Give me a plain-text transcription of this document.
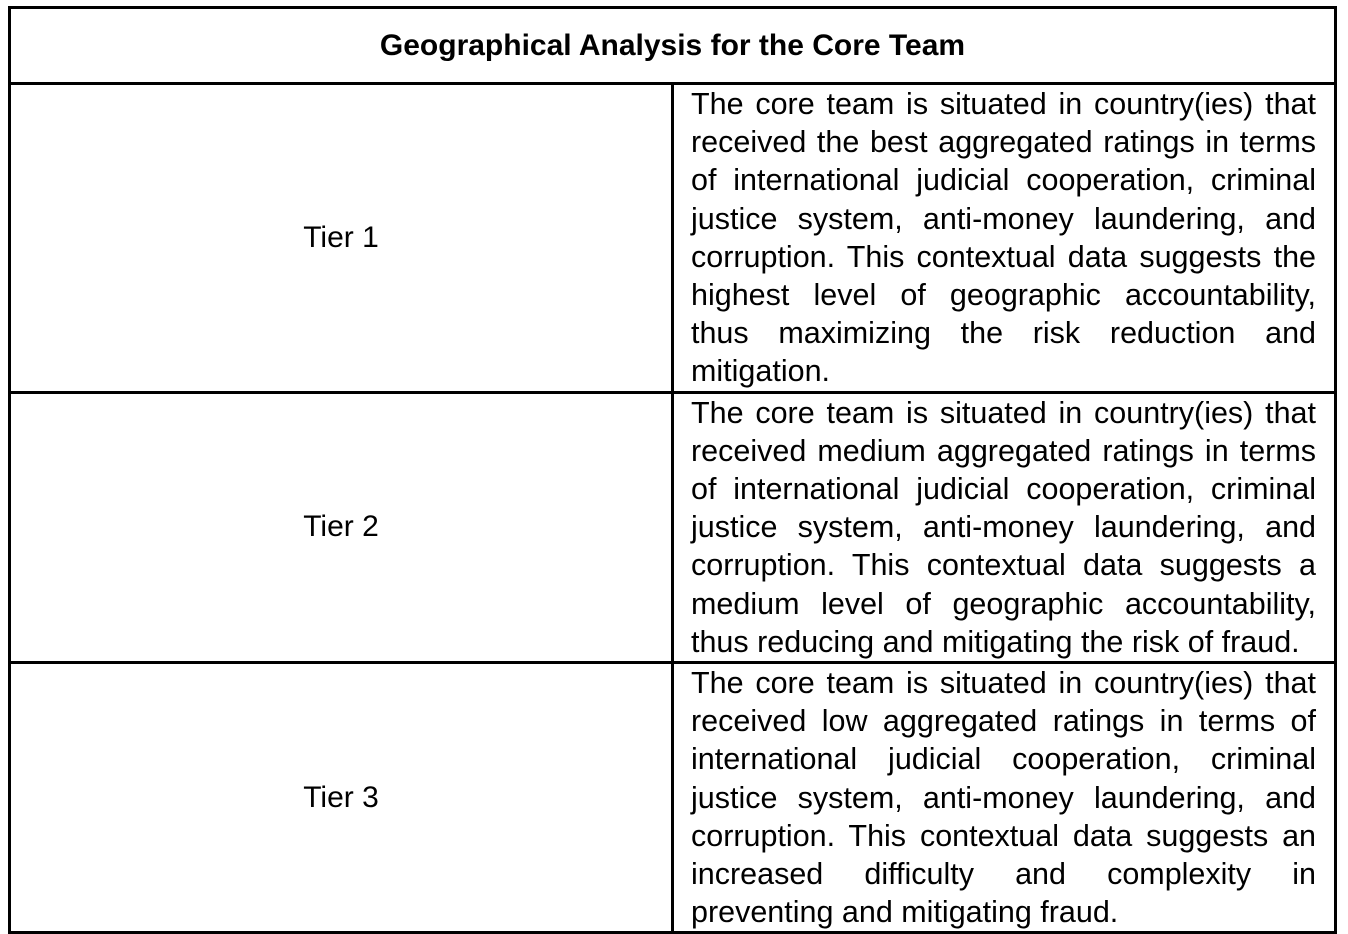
Geographical Analysis for the Core Team	
Tier 1	The core team is situated in country(ies) that received the best aggregated ratings in terms of international judicial cooperation, criminal justice system, anti-money laundering, and corruption. This contextual data suggests the highest level of geographic accountability, thus maximizing the risk reduction and mitigation.

Tier 2	The core team is situated in country(ies) that received medium aggregated ratings in terms of international judicial cooperation, criminal justice system, anti-money laundering, and corruption. This contextual data suggests a medium level of geographic accountability, thus reducing and mitigating the risk of fraud.

Tier 3	The core team is situated in country(ies) that received low aggregated ratings in terms of international judicial cooperation, criminal justice system, anti-money laundering, and corruption. This contextual data suggests an increased difficulty and complexity in preventing and mitigating fraud.
